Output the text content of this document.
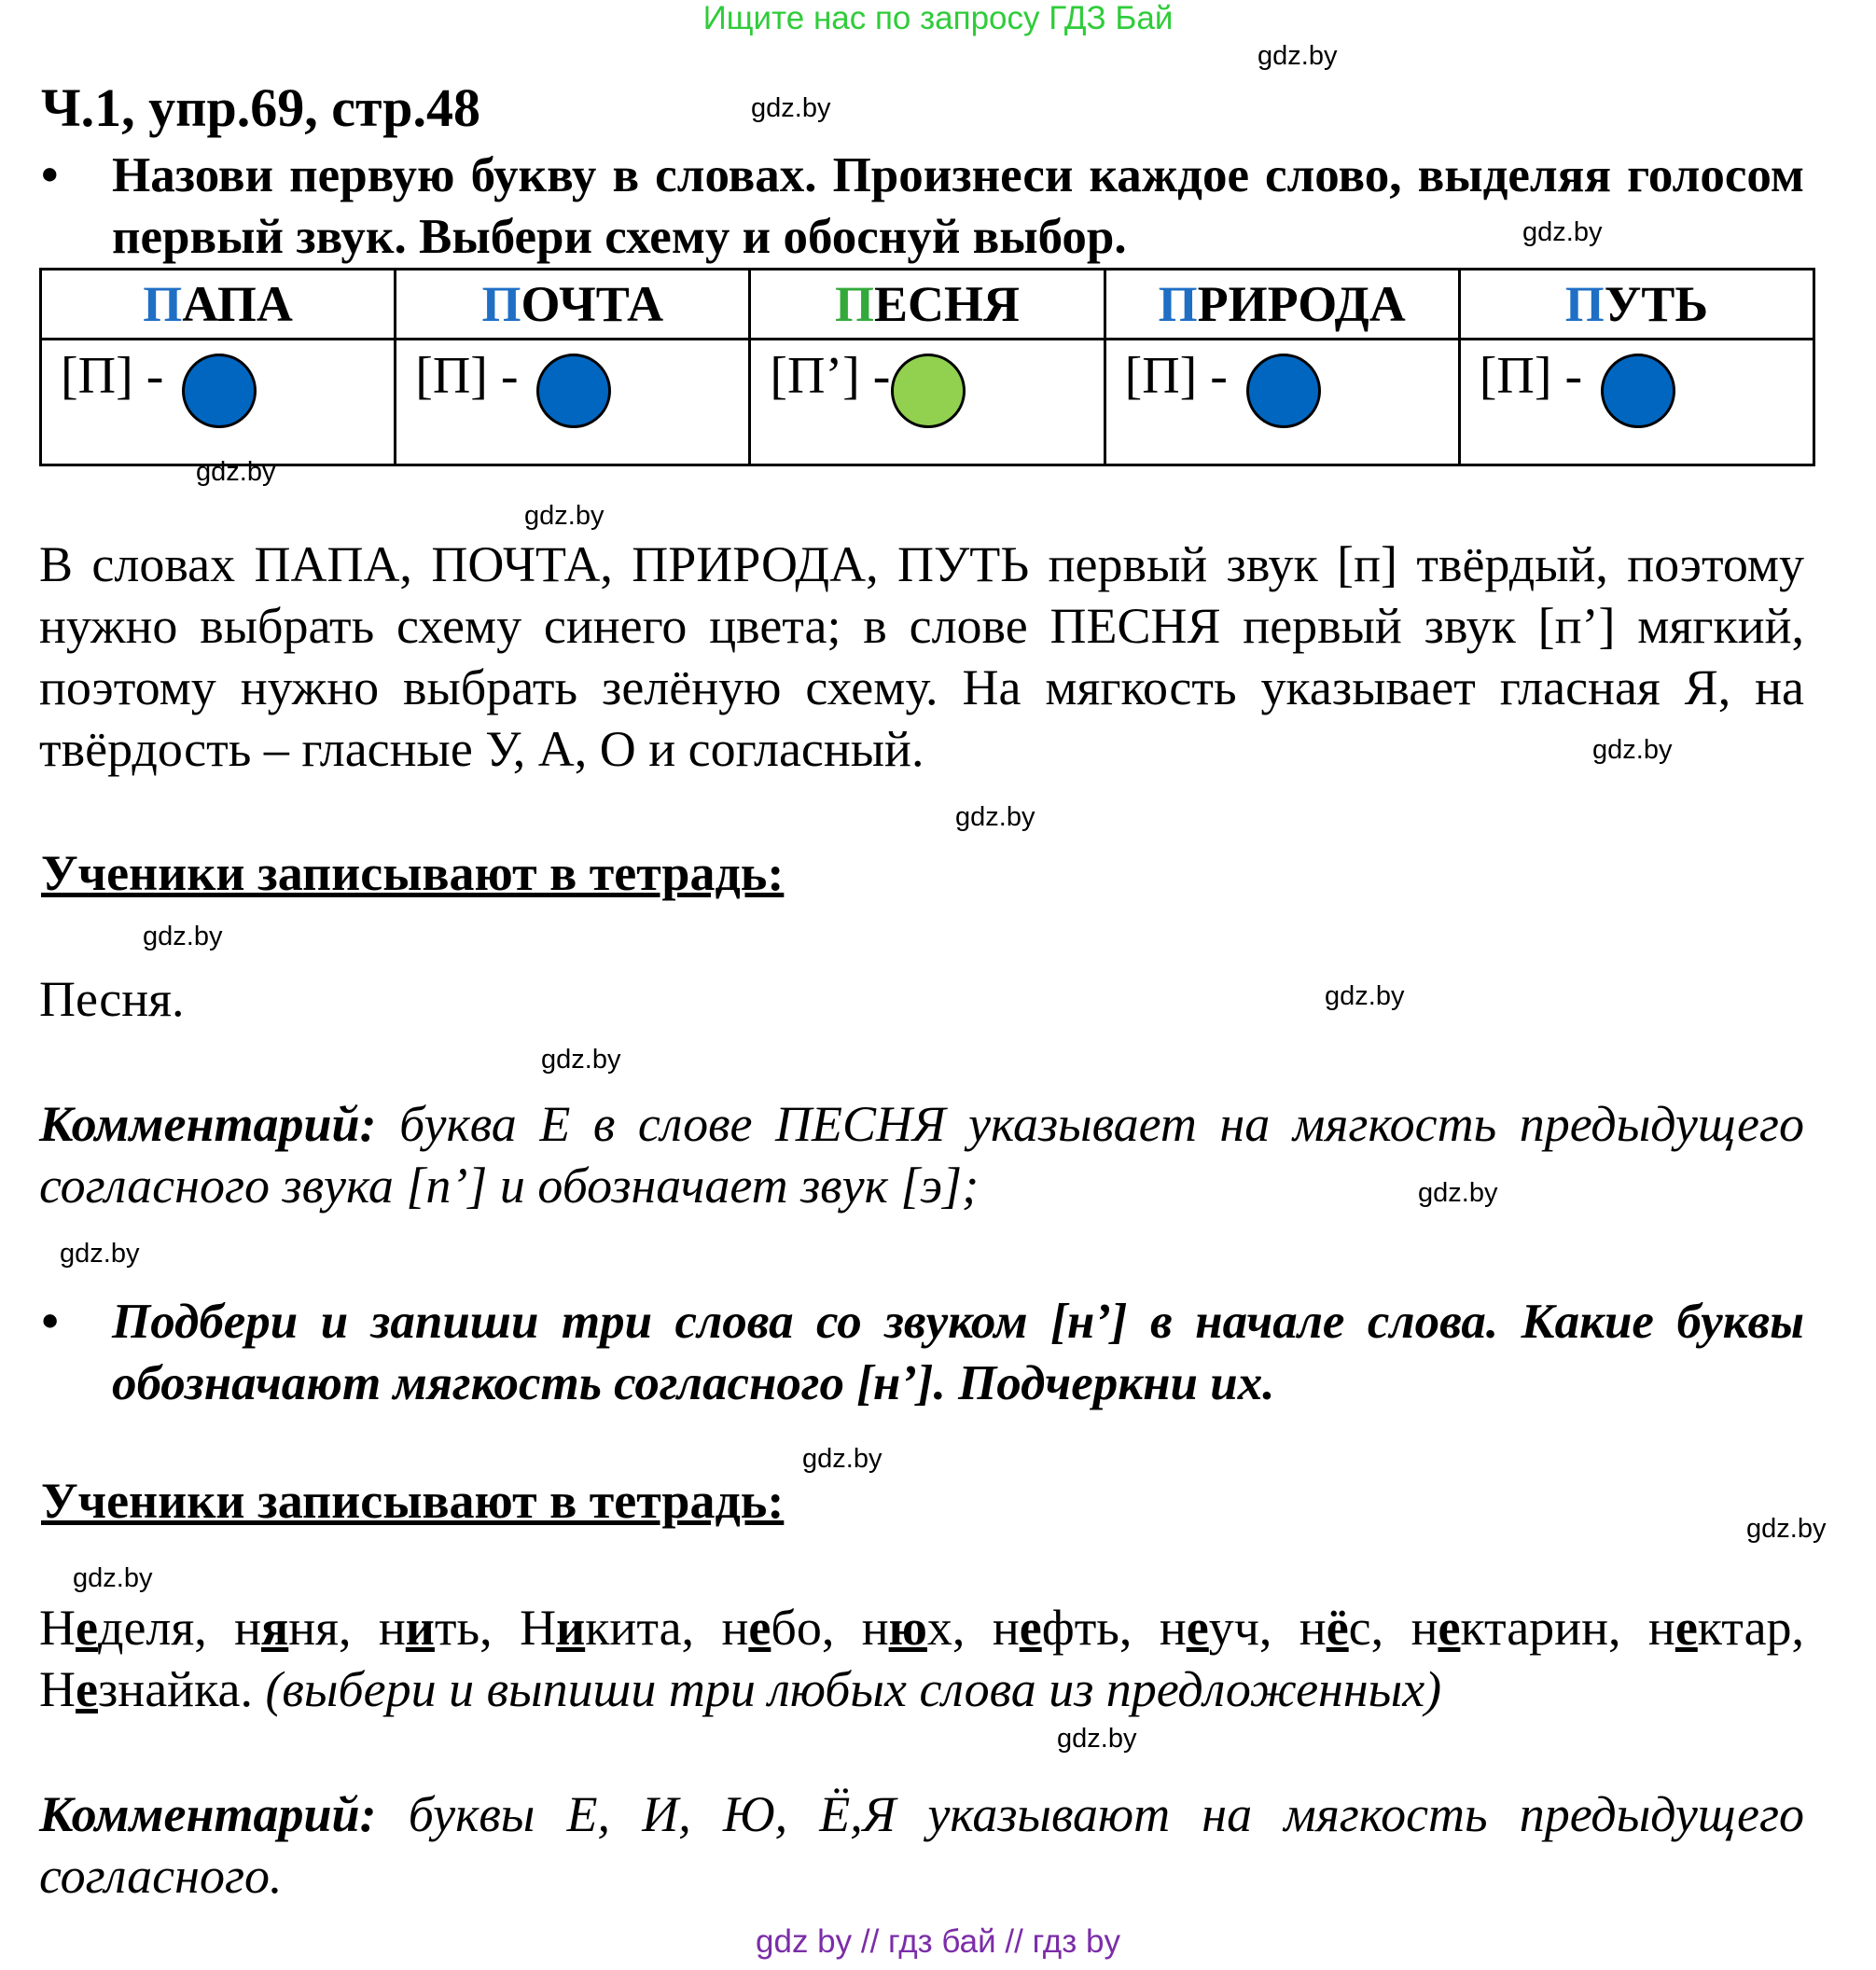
Ищите нас по запросу ГДЗ Бай
gdz.by
gdz.by
gdz.by
gdz.by
gdz.by
gdz.by
gdz.by
gdz.by
gdz.by
gdz.by
gdz.by
gdz.by
gdz.by
gdz.by
gdz.by
gdz.by
Ч.1, упр.69, стр.48
• Назови первую букву в словах. Произнеси каждое слово, выделяя голосом первый звук. Выбери схему и обоснуй выбор.
ПАПА	ПОЧТА	ПЕСНЯ	ПРИРОДА	ПУТЬ

[П] -	[П] -	[П’] -	[П] -	[П] -
В словах ПАПА, ПОЧТА, ПРИРОДА, ПУТЬ первый звук [п] твёрдый, поэтому нужно выбрать схему синего цвета; в слове ПЕСНЯ первый звук [п’] мягкий, поэтому нужно выбрать зелёную схему. На мягкость указывает гласная Я, на твёрдость – гласные У, А, О и согласный.
Ученики записывают в тетрадь:
Песня.
Комментарий: буква Е в слове ПЕСНЯ указывает на мягкость предыдущего согласного звука [п’] и обозначает звук [э];
• Подбери и запиши три слова со звуком [н’] в начале слова. Какие буквы обозначают мягкость согласного [н’]. Подчеркни их.
Ученики записывают в тетрадь:
Неделя, няня, нить, Никита, небо, нюх, нефть, неуч, нёс, нектарин, нектар, Незнайка. (выбери и выпиши три любых слова из предложенных)
Комментарий: буквы Е, И, Ю, Ё,Я указывают на мягкость предыдущего согласного.
gdz by // гдз бай // гдз by
